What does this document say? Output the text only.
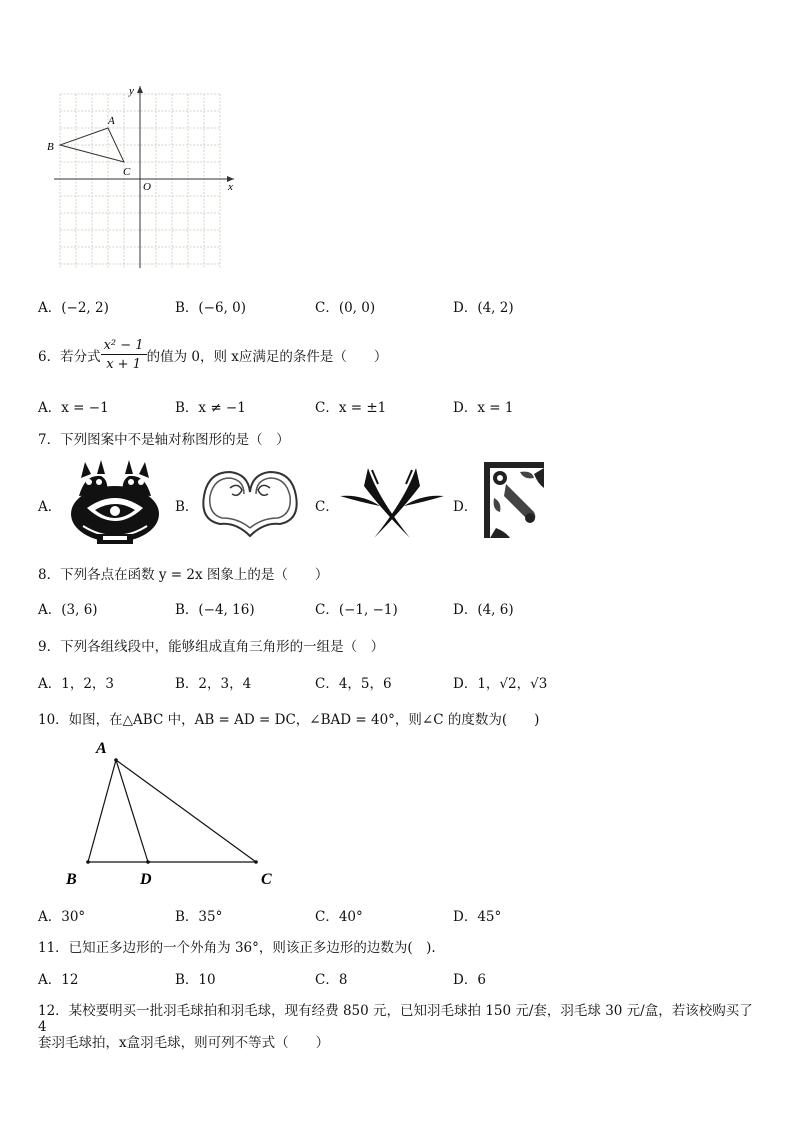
y
x
O
A
B
C
A．(−2, 2)	B．(−6, 0)	C．(0, 0)	D．(4, 2)
6．若分式 $\frac{\text{x² − 1}}{x + 1}$ 的值为 0，则 x应满足的条件是（　　）
A．x = −1	B．x ≠ −1	C．x = ±1	D．x = 1
7．下列图案中不是轴对称图形的是（　）
A．	B．	C．	D．
8．下列各点在函数 y = 2x 图象上的是（　　）
A．(3, 6)	B．(−4, 16)	C．(−1, −1)	D．(4, 6)
9．下列各组线段中，能够组成直角三角形的一组是（　）
A．1，2，3	B．2，3，4	C．4，5，6	D．1，√2，√3
10．如图，在△ABC 中，AB = AD = DC，∠BAD = 40°，则∠C 的度数为(　　)
A
B	D	C
A．30°	B．35°	C．40°	D．45°
11．已知正多边形的一个外角为 36°，则该正多边形的边数为(　).
A．12	B．10	C．8	D．6
12．某校要明买一批羽毛球拍和羽毛球，现有经费 850 元，已知羽毛球拍 150 元/套，羽毛球 30 元/盒，若该校购买了 4
套羽毛球拍，x盒羽毛球，则可列不等式（　　）
